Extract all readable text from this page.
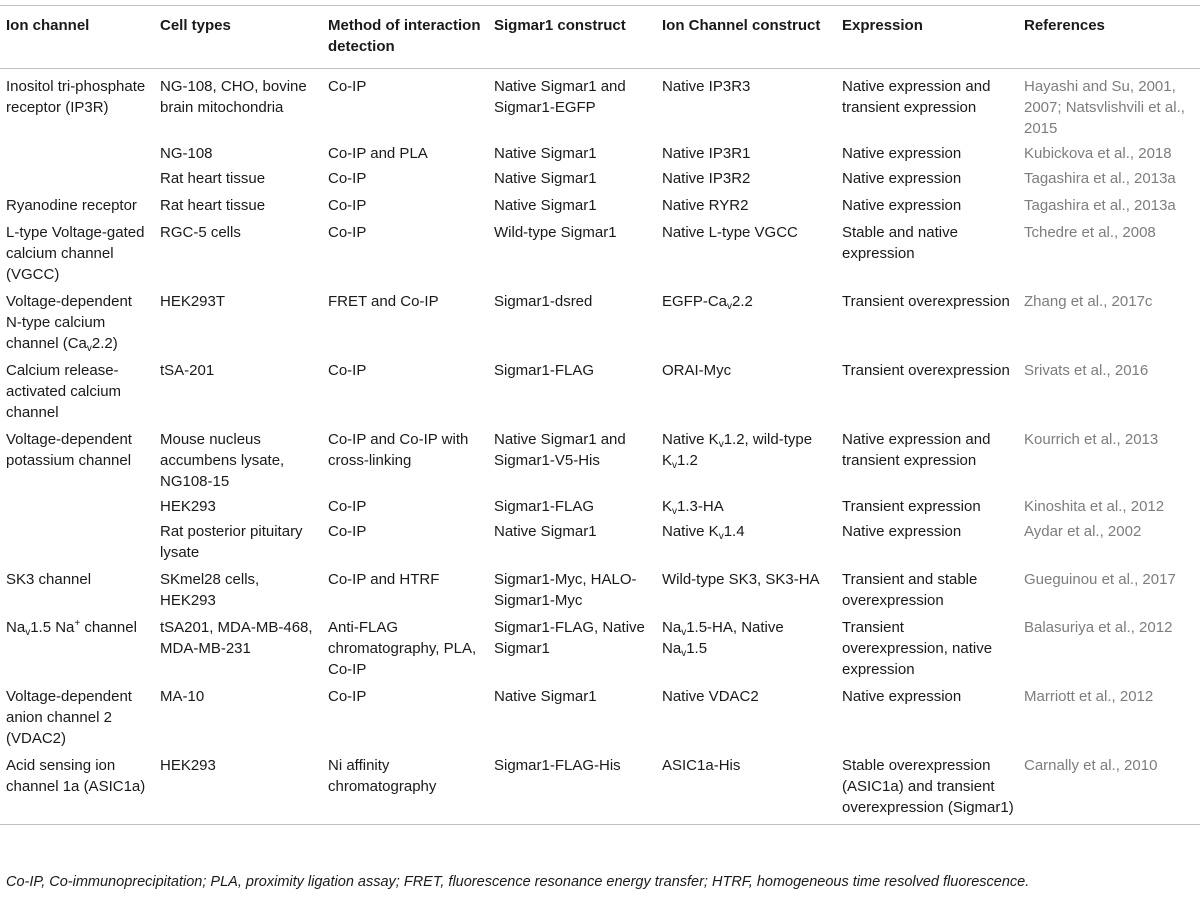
Ion channel	Cell types	Method of interaction detection	Sigmar1 construct	Ion Channel construct	Expression	References
Inositol tri-phosphate receptor (IP3R)	NG-108, CHO, bovine brain mitochondria	Co-IP	Native Sigmar1 and Sigmar1-EGFP	Native IP3R3	Native expression and transient expression	Hayashi and Su, 2001, 2007; Natsvlishvili et al., 2015
	NG-108	Co-IP and PLA	Native Sigmar1	Native IP3R1	Native expression	Kubickova et al., 2018
	Rat heart tissue	Co-IP	Native Sigmar1	Native IP3R2	Native expression	Tagashira et al., 2013a
Ryanodine receptor	Rat heart tissue	Co-IP	Native Sigmar1	Native RYR2	Native expression	Tagashira et al., 2013a
L-type Voltage-gated calcium channel (VGCC)	RGC-5 cells	Co-IP	Wild-type Sigmar1	Native L-type VGCC	Stable and native expression	Tchedre et al., 2008
Voltage-dependent N-type calcium channel $(Ca_v2.2)$	HEK293T	FRET and Co-IP	Sigmar1-dsred	EGFP-$Ca_v2.2$	Transient overexpression	Zhang et al., 2017c
Calcium release-activated calcium channel	tSA-201	Co-IP	Sigmar1-FLAG	ORAI-Myc	Transient overexpression	Srivats et al., 2016
Voltage-dependent potassium channel	Mouse nucleus accumbens lysate, NG108-15	Co-IP and Co-IP with cross-linking	Native Sigmar1 and Sigmar1-V5-His	Native $K_v1.2$, wild-type $K_v1.2$	Native expression and transient expression	Kourrich et al., 2013
	HEK293	Co-IP	Sigmar1-FLAG	$K_v1.3-HA$	Transient expression	Kinoshita et al., 2012
	Rat posterior pituitary lysate	Co-IP	Native Sigmar1	Native $K_v1.4$	Native expression	Aydar et al., 2002
SK3 channel	SKmel28 cells, HEK293	Co-IP and HTRF	Sigmar1-Myc, HALO-Sigmar1-Myc	Wild-type SK3, SK3-HA	Transient and stable overexpression	Gueguinou et al., 2017
$Na_v1.5$ Na+ channel	tSA201, MDA-MB-468, MDA-MB-231	Anti-FLAG chromatography, PLA, Co-IP	Sigmar1-FLAG, Native Sigmar1	$Na_v1.5-HA$, Native $Na_v1.5$	Transient overexpression, native expression	Balasuriya et al., 2012
Voltage-dependent anion channel 2 (VDAC2)	MA-10	Co-IP	Native Sigmar1	Native VDAC2	Native expression	Marriott et al., 2012
Acid sensing ion channel 1a (ASIC1a)	HEK293	Ni affinity chromatography	Sigmar1-FLAG-His	ASIC1a-His	Stable overexpression (ASIC1a) and transient overexpression (Sigmar1)	Carnally et al., 2010
Co-IP, Co-immunoprecipitation; PLA, proximity ligation assay; FRET, fluorescence resonance energy transfer; HTRF, homogeneous time resolved fluorescence.
